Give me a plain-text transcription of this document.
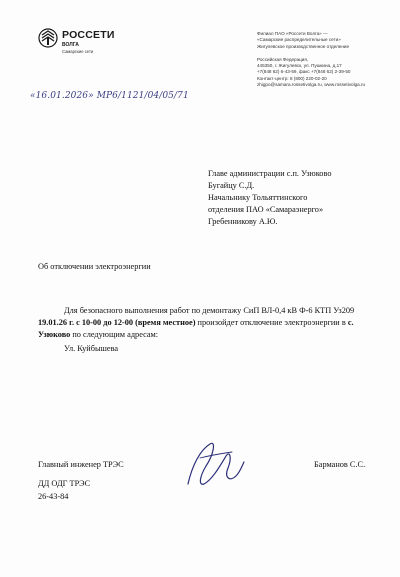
РОССЕТИ
ВОЛГА
Самарские сети
Филиал ПАО «Россети Волга» —
«Самарские распределительные сети»
Жигулевское производственное отделение
Российская Федерация,
445350, г. Жигулевск, ул. Пушкина, д.17
+7(848 62) 6-43-59, факс +7(848 62) 2-39-50
Контакт-центр: 8 (800) 220-02-20
zhigpo@samara.rossetivolga.ru, www.rossetivolga.ru
«16.01.2026» МР6/1121/04/05/71
Главе администрации с.п. Узюково
Бугайцу С.Д.
Начальнику Тольяттинского
отделения ПАО «Самараэнерго»
Гребенникову А.Ю.
Об отключении электроэнергии
Для безопасного выполнения работ по демонтажу СиП ВЛ-0,4 кВ Ф-6 КТП Уз209
19.01.26 г. с 10-00 до 12-00 (время местное) произойдет отключение электроэнергии в с.
Узюково по следующим адресам:
Ул. Куйбышева
Главный инженер ТРЭС	Барманов С.С.
ДД ОДГ ТРЭС
26-43-84
